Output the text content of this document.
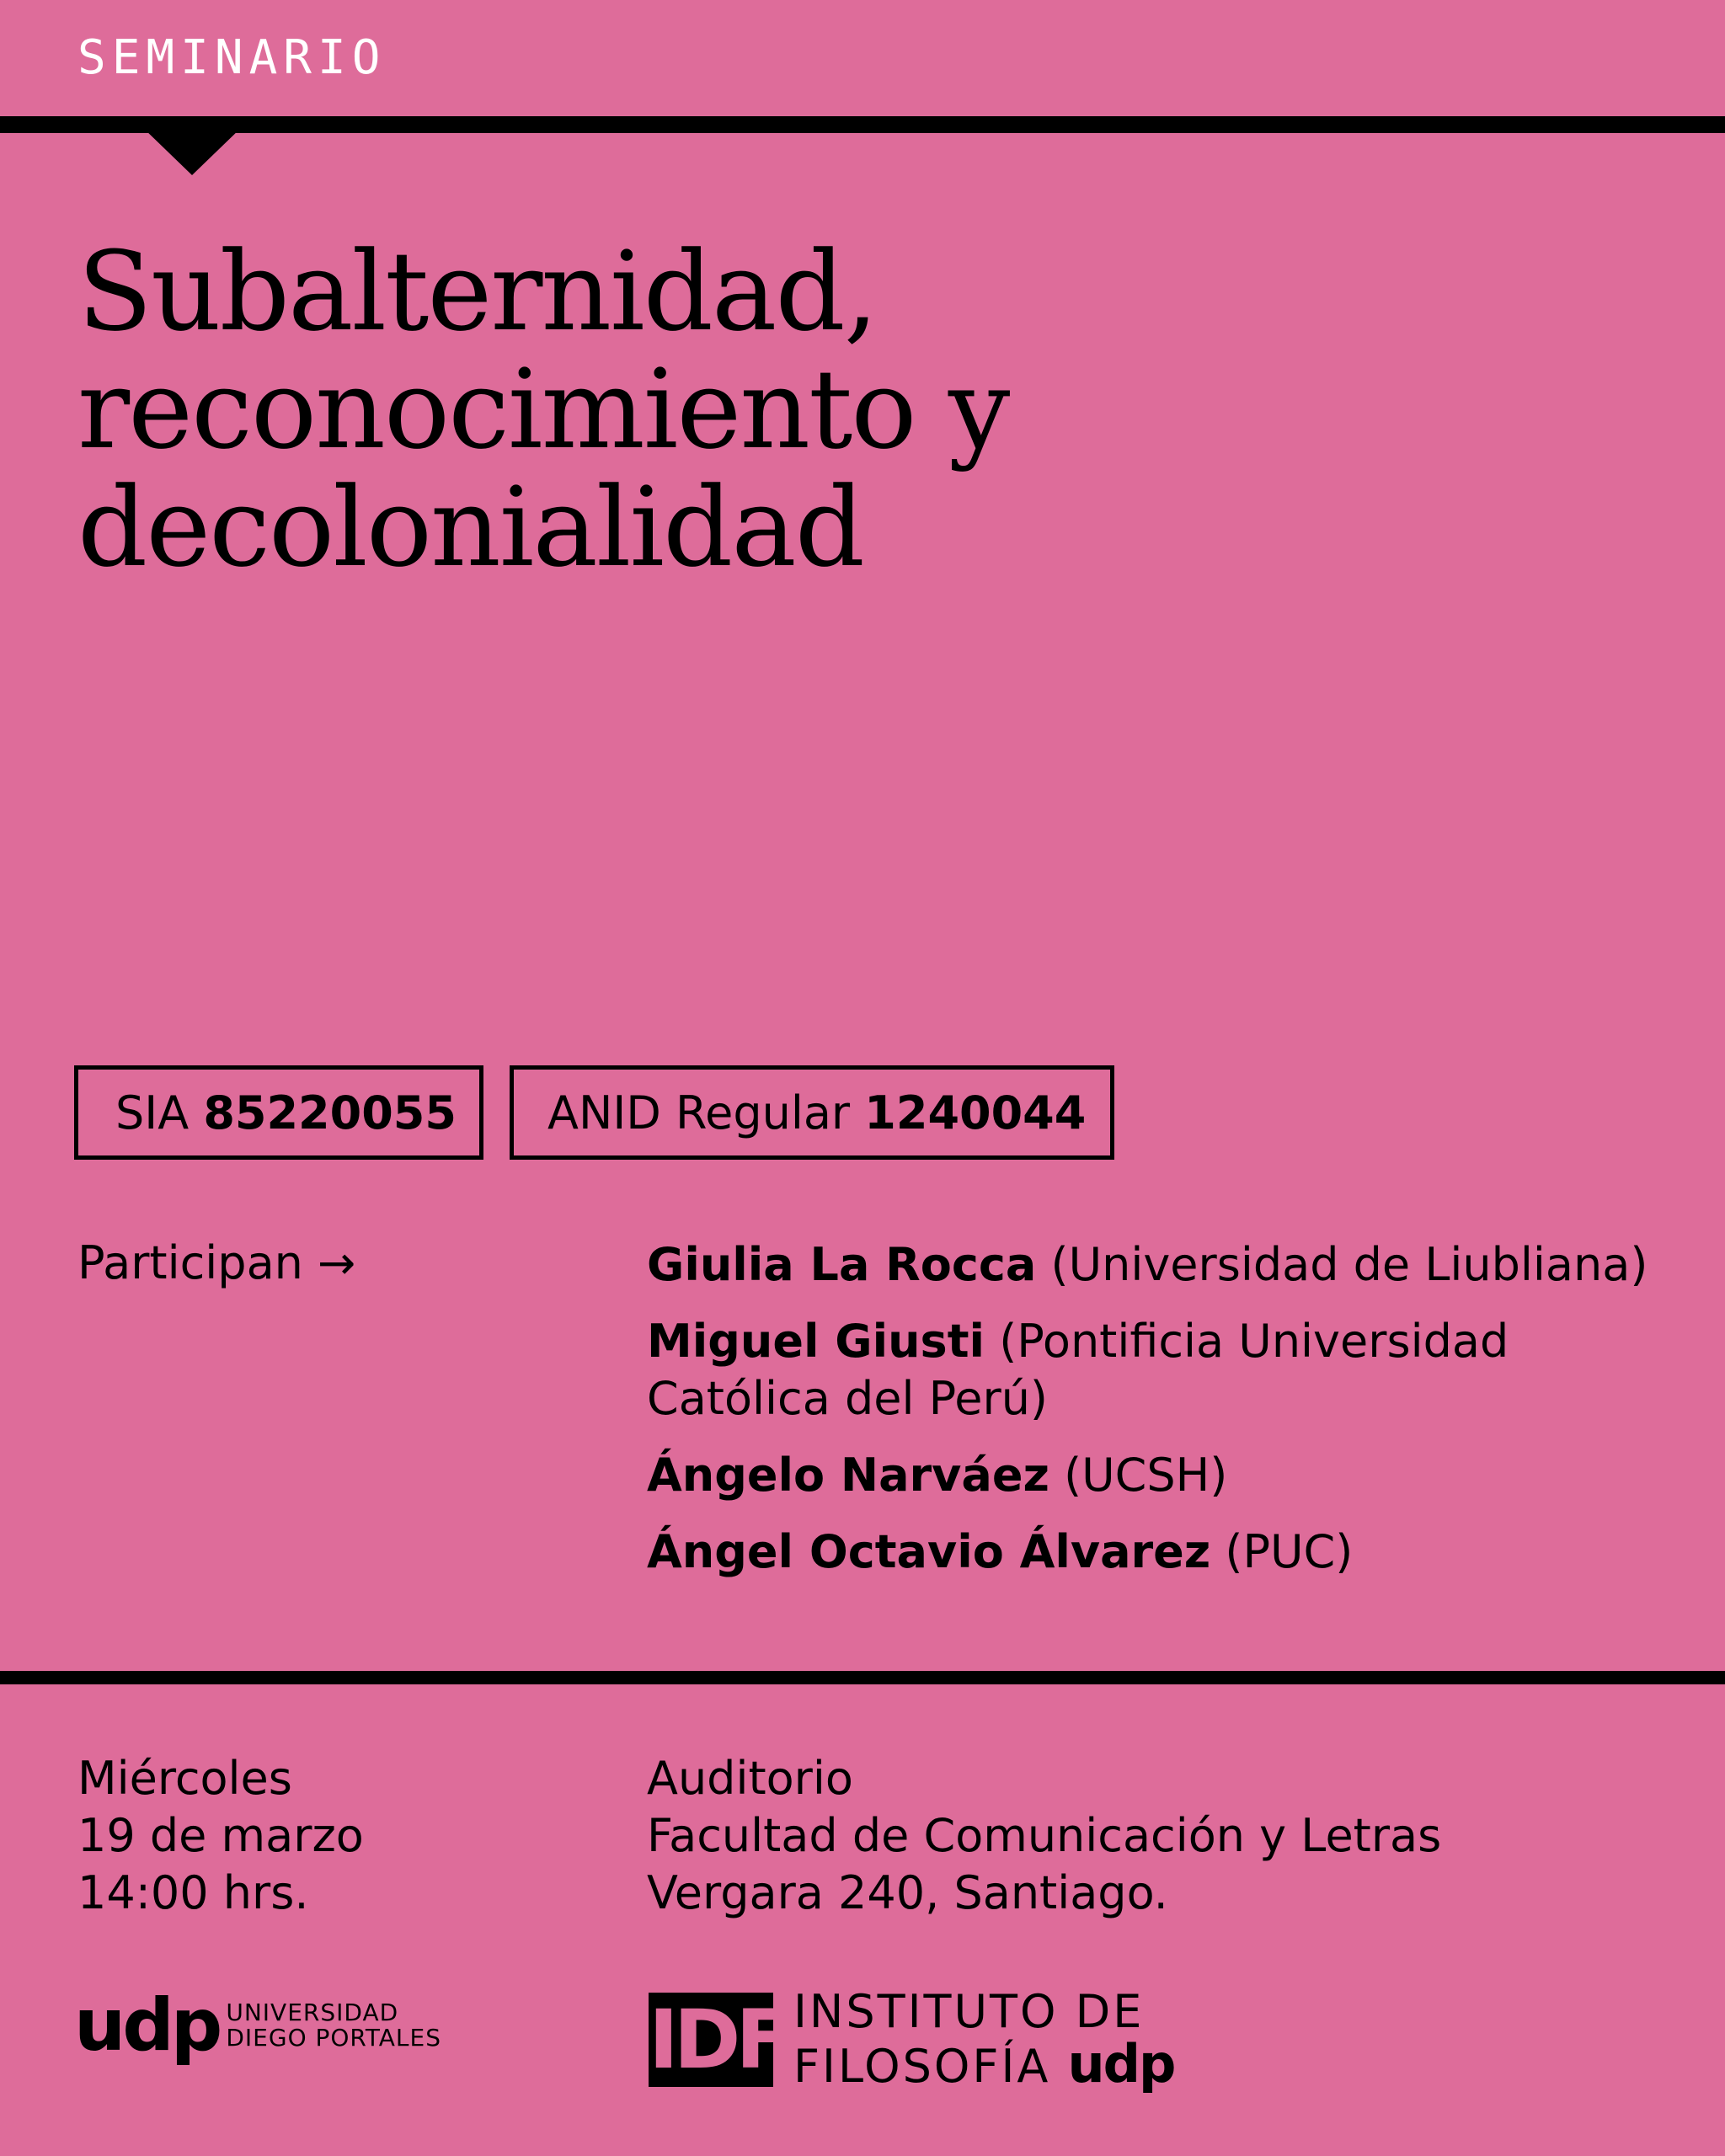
SEMINARIO
Subalternidad,
reconocimiento y
decolonialidad
SIA
85220055 ANID Regular
1240044
Participan →	Giulia La Rocca (Universidad de Liubliana)
Miguel Giusti (Pontificia Universidad Católica del Perú)
Ángelo Narváez (UCSH)
Ángel Octavio Álvarez (PUC)
Miércoles
19 de marzo
14:00 hrs.
Auditorio
Facultad de Comunicación y Letras
Vergara 240, Santiago.
udp UNIVERSIDAD
DIEGO PORTALES	IDF INSTITUTO DE
FILOSOFÍA udp
